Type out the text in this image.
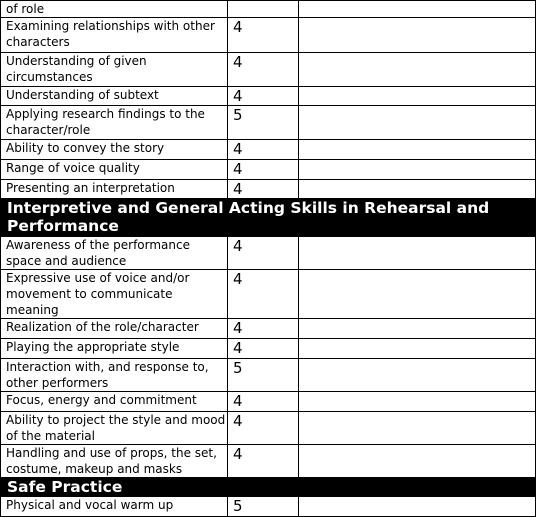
of role	

Examining relationships with other characters	4	

Understanding of given circumstances	4	

Understanding of subtext	4	

Applying research findings to the character/role	5	

Ability to convey the story	4	

Range of voice quality	4	

Presenting an interpretation	4	

Interpretive and General Acting Skills in Rehearsal and Performance		
Awareness of the performance space and audience	4	

Expressive use of voice and/or movement to communicate meaning	4	

Realization of the role/character	4	

Playing the appropriate style	4	

Interaction with, and response to, other performers	5	

Focus, energy and commitment	4	

Ability to project the style and mood of the material	4	

Handling and use of props, the set, costume, makeup and masks	4	

Safe Practice		
Physical and vocal warm up	5	
